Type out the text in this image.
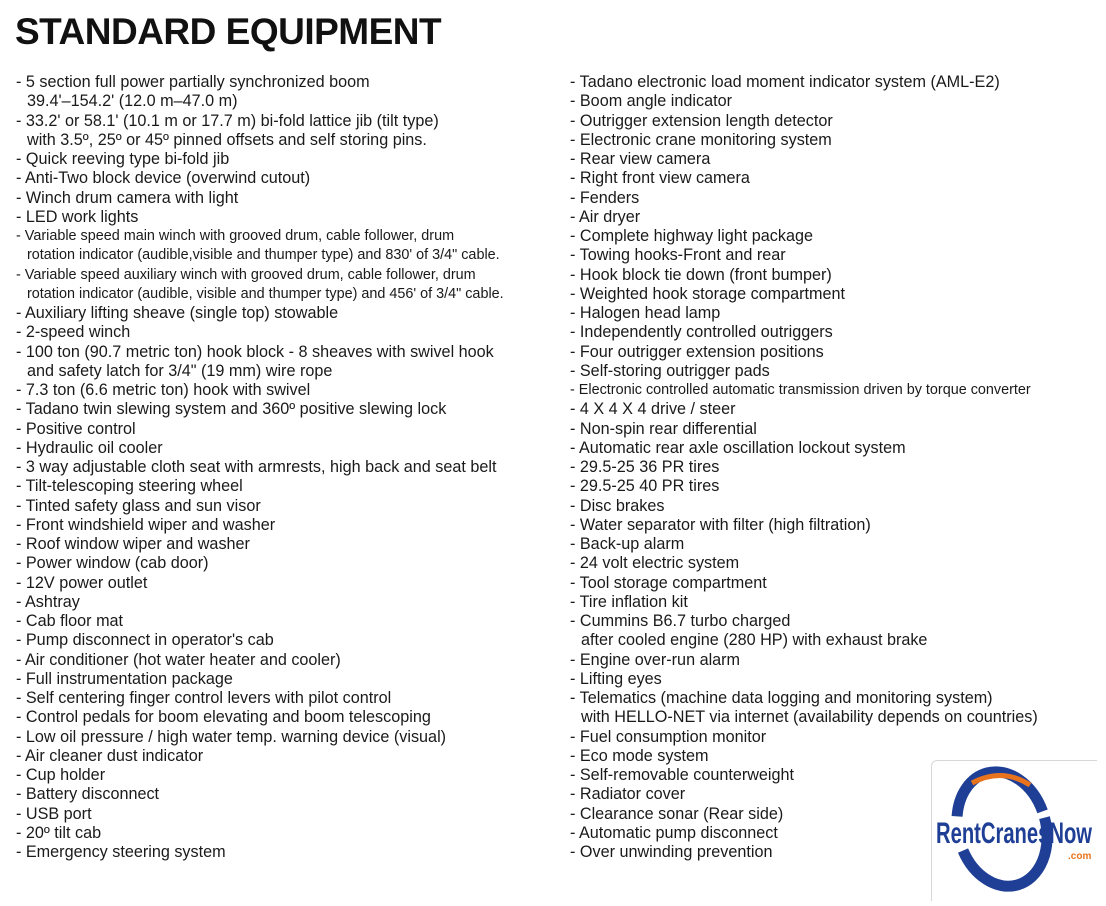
STANDARD EQUIPMENT
- 5 section full power partially synchronized boom
39.4'–154.2' (12.0 m–47.0 m)
- 33.2' or 58.1' (10.1 m or 17.7 m) bi-fold lattice jib (tilt type)
with 3.5º, 25º or 45º pinned offsets and self storing pins.
- Quick reeving type bi-fold jib
- Anti-Two block device (overwind cutout)
- Winch drum camera with light
- LED work lights
- Variable speed main winch with grooved drum, cable follower, drum
rotation indicator (audible,visible and thumper type) and 830' of 3/4" cable.
- Variable speed auxiliary winch with grooved drum, cable follower, drum
rotation indicator (audible, visible and thumper type) and 456' of 3/4" cable.
- Auxiliary lifting sheave (single top) stowable
- 2-speed winch
- 100 ton (90.7 metric ton) hook block - 8 sheaves with swivel hook
and safety latch for 3/4" (19 mm) wire rope
- 7.3 ton (6.6 metric ton) hook with swivel
- Tadano twin slewing system and 360º positive slewing lock
- Positive control
- Hydraulic oil cooler
- 3 way adjustable cloth seat with armrests, high back and seat belt
- Tilt-telescoping steering wheel
- Tinted safety glass and sun visor
- Front windshield wiper and washer
- Roof window wiper and washer
- Power window (cab door)
- 12V power outlet
- Ashtray
- Cab floor mat
- Pump disconnect in operator's cab
- Air conditioner (hot water heater and cooler)
- Full instrumentation package
- Self centering finger control levers with pilot control
- Control pedals for boom elevating and boom telescoping
- Low oil pressure / high water temp. warning device (visual)
- Air cleaner dust indicator
- Cup holder
- Battery disconnect
- USB port
- 20º tilt cab
- Emergency steering system
- Tadano electronic load moment indicator system (AML-E2)
- Boom angle indicator
- Outrigger extension length detector
- Electronic crane monitoring system
- Rear view camera
- Right front view camera
- Fenders
- Air dryer
- Complete highway light package
- Towing hooks-Front and rear
- Hook block tie down (front bumper)
- Weighted hook storage compartment
- Halogen head lamp
- Independently controlled outriggers
- Four outrigger extension positions
- Self-storing outrigger pads
- Electronic controlled automatic transmission driven by torque converter
- 4 X 4 X 4 drive / steer
- Non-spin rear differential
- Automatic rear axle oscillation lockout system
- 29.5-25 36 PR tires
- 29.5-25 40 PR tires
- Disc brakes
- Water separator with filter (high filtration)
- Back-up alarm
- 24 volt electric system
- Tool storage compartment
- Tire inflation kit
- Cummins B6.7 turbo charged
after cooled engine (280 HP) with exhaust brake
- Engine over-run alarm
- Lifting eyes
- Telematics (machine data logging and monitoring system)
with HELLO-NET via internet (availability depends on countries)
- Fuel consumption monitor
- Eco mode system
- Self-removable counterweight
- Radiator cover
- Clearance sonar (Rear side)
- Automatic pump disconnect
- Over unwinding prevention
RentCranesNow
.com
